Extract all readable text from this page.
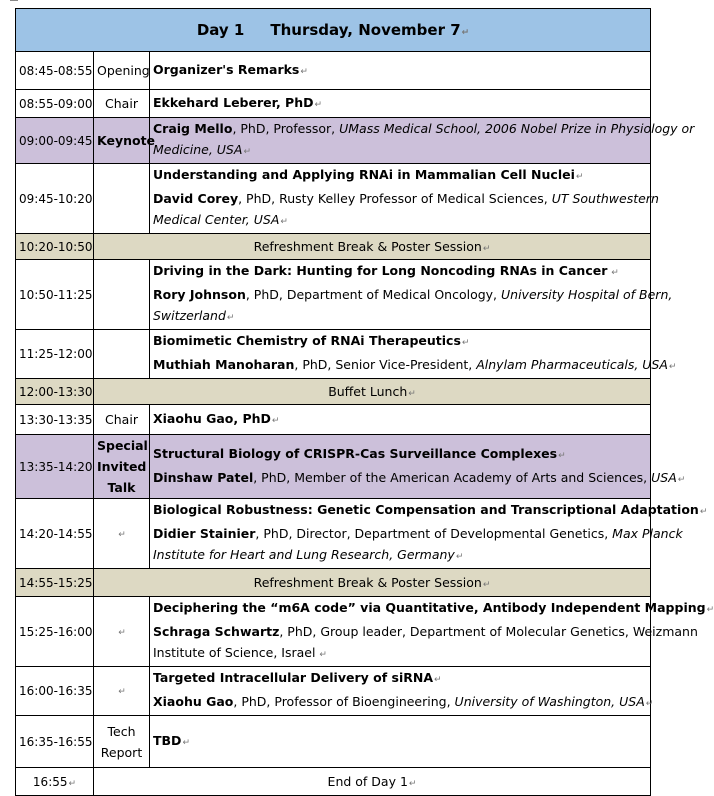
Day 1 Thursday, November 7↵		
08:45-08:55	Opening	Organizer's Remarks↵
08:55-09:00	Chair	Ekkehard Leberer, PhD↵
09:00-09:45	Keynote	Craig Mello, PhD, Professor, UMass Medical School, 2006 Nobel Prize in Physiology or
Medicine, USA↵

09:45-10:20		Understanding and Applying RNAi in Mammalian Cell Nuclei↵
David Corey, PhD, Rusty Kelley Professor of Medical Sciences, UT Southwestern
Medical Center, USA↵

10:20-10:50	Refreshment Break & Poster Session↵	
10:50-11:25		Driving in the Dark: Hunting for Long Noncoding RNAs in Cancer ↵
Rory Johnson, PhD, Department of Medical Oncology, University Hospital of Bern,
Switzerland↵

11:25-12:00		Biomimetic Chemistry of RNAi Therapeutics↵
Muthiah Manoharan, PhD, Senior Vice-President, Alnylam Pharmaceuticals, USA↵

12:00-13:30	Buffet Lunch↵	
13:30-13:35	Chair	Xiaohu Gao, PhD↵
13:35-14:20	Special
Invited
Talk	Structural Biology of CRISPR-Cas Surveillance Complexes↵
Dinshaw Patel, PhD, Member of the American Academy of Arts and Sciences, USA↵

14:20-14:55	↵	Biological Robustness: Genetic Compensation and Transcriptional Adaptation↵
Didier Stainier, PhD, Director, Department of Developmental Genetics, Max Planck
Institute for Heart and Lung Research, Germany↵

14:55-15:25	Refreshment Break & Poster Session↵	
15:25-16:00	↵	Deciphering the “m6A code” via Quantitative, Antibody Independent Mapping↵
Schraga Schwartz, PhD, Group leader, Department of Molecular Genetics, Weizmann
Institute of Science, Israel ↵

16:00-16:35	↵	Targeted Intracellular Delivery of siRNA↵
Xiaohu Gao, PhD, Professor of Bioengineering, University of Washington, USA↵

16:35-16:55	Tech
Report	TBD↵
16:55↵	End of Day 1↵	
